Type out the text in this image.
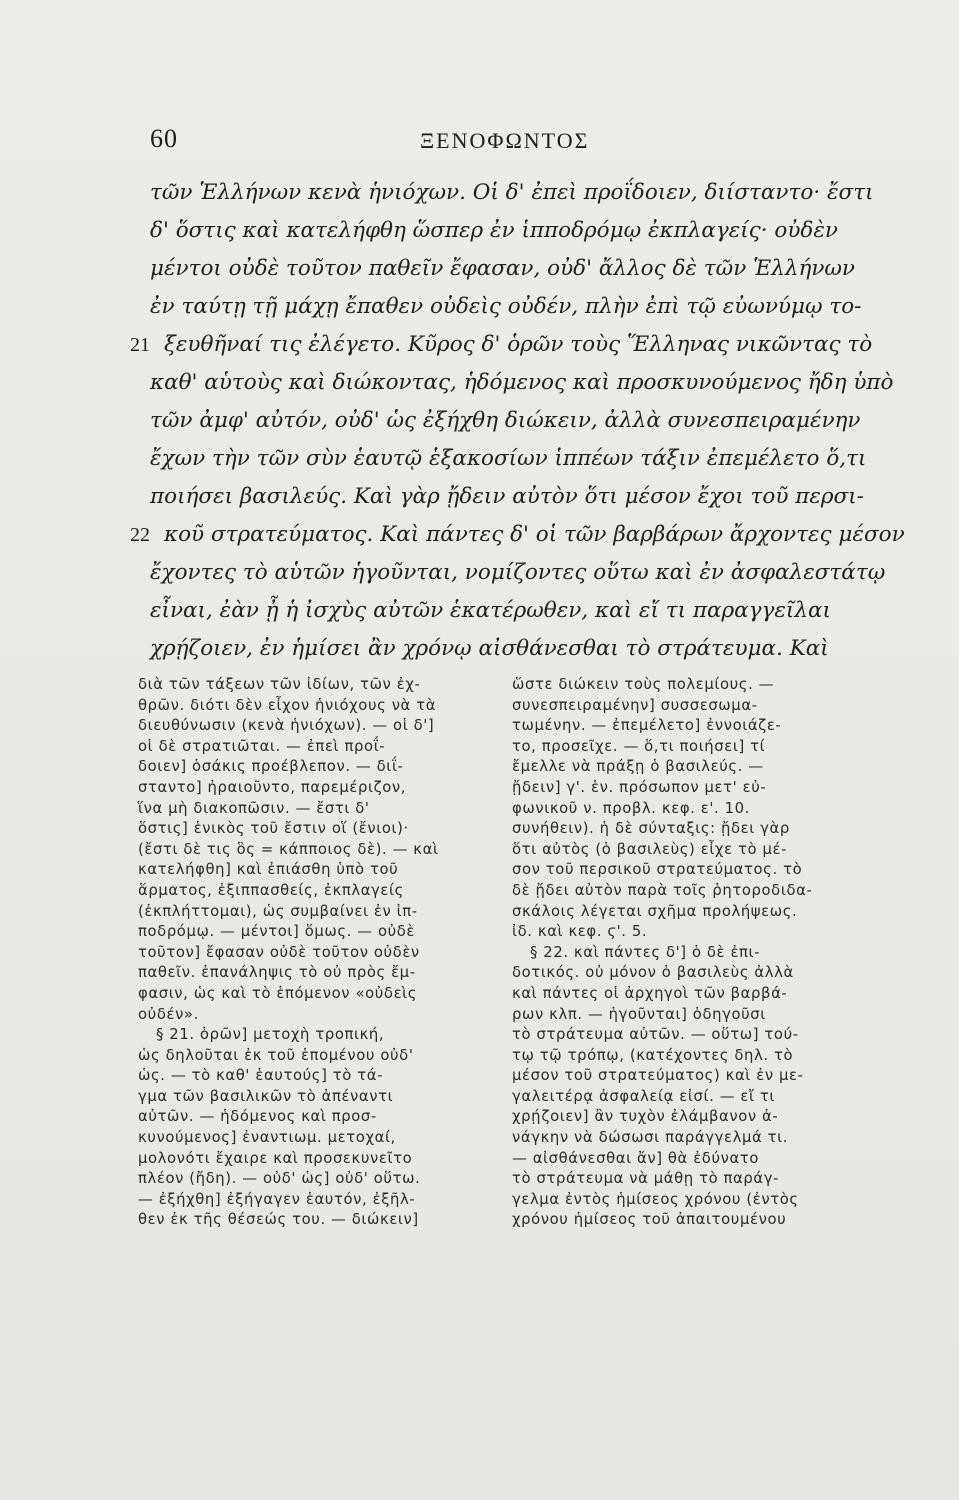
60	ΞΕΝΟΦΩΝΤΟΣ
τῶν Ἑλλήνων κενὰ ἡνιόχων. Οἱ δ' ἐπεὶ προΐδοιεν, διίσταντο· ἔστι
δ' ὅστις καὶ κατελήφθη ὥσπερ ἐν ἱπποδρόμῳ ἐκπλαγείς· οὐδὲν
μέντοι οὐδὲ τοῦτον παθεῖν ἔφασαν, οὐδ' ἄλλος δὲ τῶν Ἑλλήνων
ἐν ταύτῃ τῇ μάχῃ ἔπαθεν οὐδεὶς οὐδέν, πλὴν ἐπὶ τῷ εὐωνύμῳ το-
21 ξευθῆναί τις ἐλέγετο. Κῦρος δ' ὁρῶν τοὺς Ἕλληνας νικῶντας τὸ
καθ' αὑτοὺς καὶ διώκοντας, ἡδόμενος καὶ προσκυνούμενος ἤδη ὑπὸ
τῶν ἀμφ' αὐτόν, οὐδ' ὡς ἐξήχθη διώκειν, ἀλλὰ συνεσπειραμένην
ἔχων τὴν τῶν σὺν ἑαυτῷ ἑξακοσίων ἱππέων τάξιν ἐπεμέλετο ὅ,τι
ποιήσει βασιλεύς. Καὶ γὰρ ᾔδειν αὐτὸν ὅτι μέσον ἔχοι τοῦ περσι-
22 κοῦ στρατεύματος. Καὶ πάντες δ' οἱ τῶν βαρβάρων ἄρχοντες μέσον
ἔχοντες τὸ αὑτῶν ἡγοῦνται, νομίζοντες οὕτω καὶ ἐν ἀσφαλεστάτῳ
εἶναι, ἐὰν ᾖ ἡ ἰσχὺς αὐτῶν ἑκατέρωθεν, καὶ εἴ τι παραγγεῖλαι
χρῄζοιεν, ἐν ἡμίσει ἂν χρόνῳ αἰσθάνεσθαι τὸ στράτευμα. Καὶ
διὰ τῶν τάξεων τῶν ἰδίων, τῶν ἐχ-
θρῶν. διότι δὲν εἶχον ἡνιόχους νὰ τὰ
διευθύνωσιν (κενὰ ἡνιόχων). — οἱ δ']
οἱ δὲ στρατιῶται. — ἐπεὶ προΐ-
δοιεν] ὁσάκις προέβλεπον. — διΐ-
σταντο] ἠραιοῦντο, παρεμέριζον,
ἵνα μὴ διακοπῶσιν. — ἔστι δ'
ὅστις] ἑνικὸς τοῦ ἔστιν οἵ (ἔνιοι)·
(ἔστι δὲ τις ὃς = κάπποιος δὲ). — καὶ
κατελήφθη] καὶ ἐπιάσθη ὑπὸ τοῦ
ἅρματος, ἐξιππασθείς, ἐκπλαγείς
(ἐκπλήττομαι), ὡς συμβαίνει ἐν ἱπ-
ποδρόμῳ. — μέντοι] ὅμως. — οὐδὲ
τοῦτον] ἔφασαν οὐδὲ τοῦτον οὐδὲν
παθεῖν. ἐπανάληψις τὸ οὐ πρὸς ἔμ-
φασιν, ὡς καὶ τὸ ἑπόμενον «οὐδεὶς
οὐδέν».
§ 21. ὁρῶν] μετοχὴ τροπική,
ὡς δηλοῦται ἐκ τοῦ ἑπομένου οὐδ'
ὡς. — τὸ καθ' ἑαυτούς] τὸ τά-
γμα τῶν βασιλικῶν τὸ ἀπέναντι
αὐτῶν. — ἡδόμενος καὶ προσ-
κυνούμενος] ἐναντιωμ. μετοχαί,
μολονότι ἔχαιρε καὶ προσεκυνεῖτο
πλέον (ἤδη). — οὐδ' ὡς] οὐδ' οὕτω.
— ἐξήχθη] ἐξήγαγεν ἑαυτόν, ἐξῆλ-
θεν ἐκ τῆς θέσεώς του. — διώκειν]
ὥστε διώκειν τοὺς πολεμίους. —
συνεσπειραμένην] συσσεσωμα-
τωμένην. — ἐπεμέλετο] ἐννοιάζε-
το, προσεῖχε. — ὅ,τι ποιήσει] τί
ἔμελλε νὰ πράξῃ ὁ βασιλεύς. —
ᾔδειν] γ'. ἑν. πρόσωπον μετ' εὐ-
φωνικοῦ ν. προβλ. κεφ. ε'. 10.
συνήθειν). ἡ δὲ σύνταξις: ᾔδει γὰρ
ὅτι αὐτὸς (ὁ βασιλεὺς) εἶχε τὸ μέ-
σον τοῦ περσικοῦ στρατεύματος. τὸ
δὲ ᾔδει αὐτὸν παρὰ τοῖς ῥητοροδιδα-
σκάλοις λέγεται σχῆμα προλήψεως.
ἰδ. καὶ κεφ. ϛ'. 5.
§ 22. καὶ πάντες δ'] ὁ δὲ ἐπι-
δοτικός. οὐ μόνον ὁ βασιλεὺς ἀλλὰ
καὶ πάντες οἱ ἀρχηγοὶ τῶν βαρβά-
ρων κλπ. — ἡγοῦνται] ὁδηγοῦσι
τὸ στράτευμα αὐτῶν. — οὕτω] τού-
τῳ τῷ τρόπῳ, (κατέχοντες δηλ. τὸ
μέσον τοῦ στρατεύματος) καὶ ἐν με-
γαλειτέρᾳ ἀσφαλείᾳ εἰσί. — εἴ τι
χρῄζοιεν] ἂν τυχὸν ἐλάμβανον ἀ-
νάγκην νὰ δώσωσι παράγγελμά τι.
— αἰσθάνεσθαι ἄν] θὰ ἐδύνατο
τὸ στράτευμα νὰ μάθῃ τὸ παράγ-
γελμα ἐντὸς ἡμίσεος χρόνου (ἐντὸς
χρόνου ἡμίσεος τοῦ ἀπαιτουμένου
